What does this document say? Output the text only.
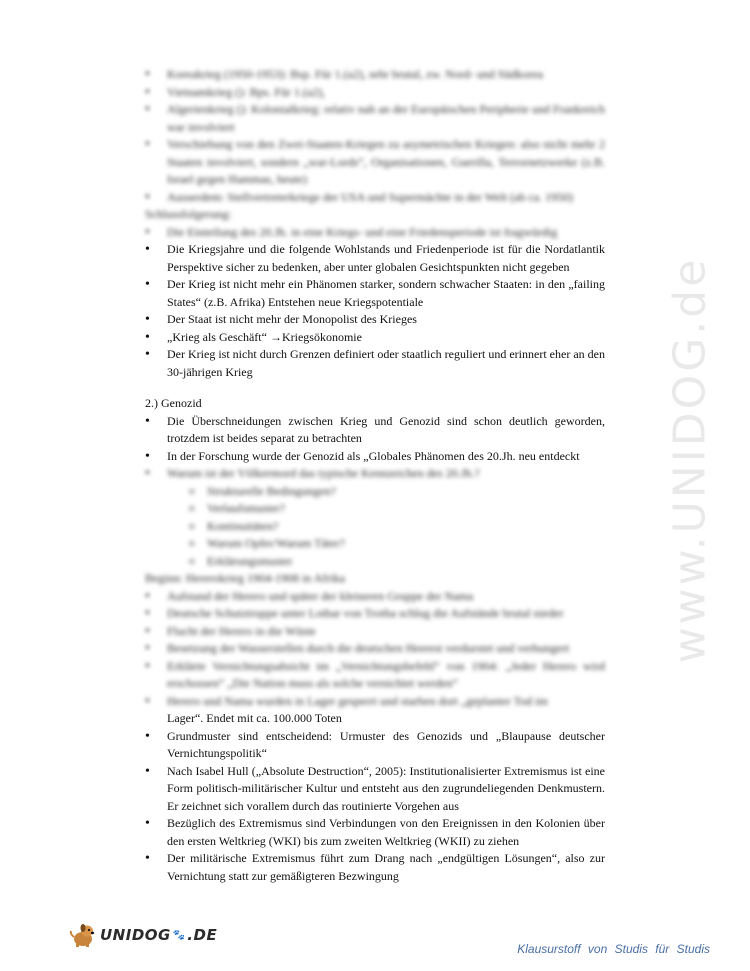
www.UNIDOG.de
• Koreakrieg (1950-1953): Bsp. Für 1.(a2), sehr brutal, zw. Nord- und Südkorea
• Vietnamkrieg (): Bps. Für 1.(a2),
• Algerienkrieg (): Kolonialkrieg: relativ nah an der Europäischen Peripherie und Frankreich war involviert
• Verschiebung von den Zwei-Staaten-Kriegen zu asymetrischen Kriegen: also nicht mehr 2 Staaten involviert, sondern „war-Lords“, Organisationen, Guerilla, Terrornetzwerke (z.B. Israel gegen Hammas, heute)
• Ausserdem: Stellvertreterkriege der USA und Supermächte in der Welt (ab ca. 1950)
Schlussfolgerung:
• Die Einteilung des 20.Jh. in eine Kriegs- und eine Friedensperiode ist fragwürdig
• Die Kriegsjahre und die folgende Wohlstands und Friedenperiode ist für die Nordatlantik Perspektive sicher zu bedenken, aber unter globalen Gesichtspunkten nicht gegeben
• Der Krieg ist nicht mehr ein Phänomen starker, sondern schwacher Staaten: in den „failing States“ (z.B. Afrika) Entstehen neue Kriegspotentiale
• Der Staat ist nicht mehr der Monopolist des Krieges
• „Krieg als Geschäft“ →Kriegsökonomie
• Der Krieg ist nicht durch Grenzen definiert oder staatlich reguliert und erinnert eher an den 30-jährigen Krieg
2.) Genozid
• Die Überschneidungen zwischen Krieg und Genozid sind schon deutlich geworden, trotzdem ist beides separat zu betrachten
• In der Forschung wurde der Genozid als „Globales Phänomen des 20.Jh. neu entdeckt
• Warum ist der Völkermord das typische Kennzeichen des 20.Jh.?
o Strukturelle Bedingungen?
o Verlaufsmuster?
o Kontinuitäten?
o Warum Opfer/Warum Täter?
o Erklärungsmuster
Beginn: Hererokrieg 1904-1908 in Afrika
• Aufstand der Herero und später der kleineren Gruppe der Nama
• Deutsche Schutztruppe unter Lothar von Trotha schlug die Aufstände brutal nieder
• Flucht der Herero in die Wüste
• Besetzung der Wasserstellen durch die deutschen Heerest verdurstet und verhungert
• Erklärte Vernichtungsabsicht im „Vernichtungsbefehl“ von 1904: „Jeder Herero wird erschossen“ „Die Nation muss als solche vernichtet werden“
• Herero und Nama wurden in Lager gesperrt und starben dort „geplanter Tod im
Lager“. Endet mit ca. 100.000 Toten
• Grundmuster sind entscheidend: Urmuster des Genozids und „Blaupause deutscher Vernichtungspolitik“
• Nach Isabel Hull („Absolute Destruction“, 2005): Institutionalisierter Extremismus ist eine Form politisch-militärischer Kultur und entsteht aus den zugrundeliegenden Denkmustern. Er zeichnet sich vorallem durch das routinierte Vorgehen aus
• Bezüglich des Extremismus sind Verbindungen von den Ereignissen in den Kolonien über den ersten Weltkrieg (WKI) bis zum zweiten Weltkrieg (WKII) zu ziehen
• Der militärische Extremismus führt zum Drang nach „endgültigen Lösungen“, also zur Vernichtung statt zur gemäßigteren Bezwingung
UNIDOG 🐾 .DE
Klausurstoff von Studis für Studis
